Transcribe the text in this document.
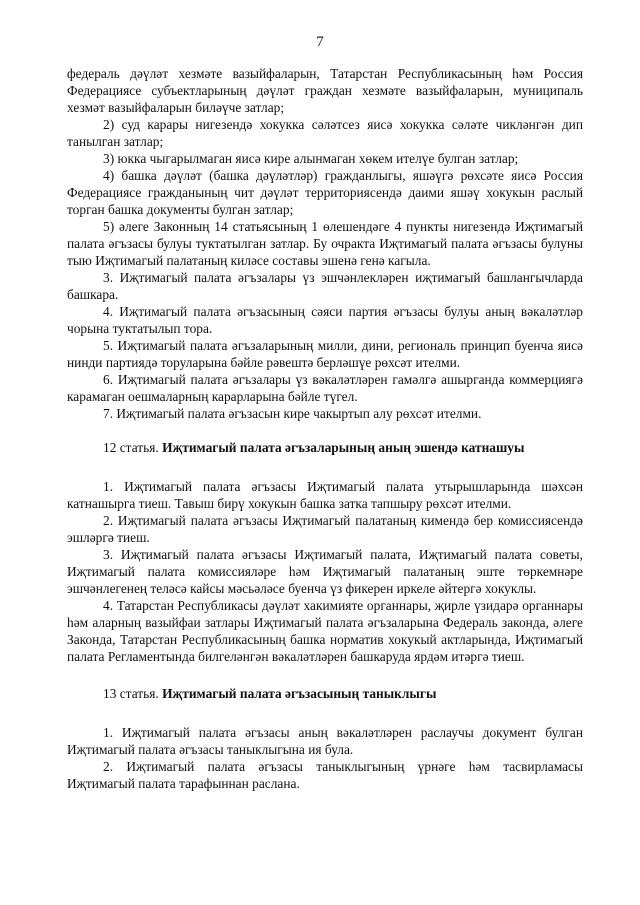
7

федераль дәүләт хезмәте вазыйфаларын, Татарстан Республикасының һәм Россия Федерациясе субъектларының дәүләт граждан хезмәте вазыйфаларын, муниципаль хезмәт вазыйфаларын биләүче затлар;

2) суд карары нигезендә хокукка сәләтсез яисә хокукка сәләте чикләнгән дип танылган затлар;

3) юкка чыгарылмаган яисә кире алынмаган хөкем ителүе булган затлар;

4) башка дәүләт (башка дәүләтләр) гражданлыгы, яшәүгә рөхсәте яисә Россия Федерациясе гражданының чит дәүләт территориясендә даими яшәү хокукын раслый торган башка документы булган затлар;

5) әлеге Законның 14 статьясының 1 өлешендәге 4 пункты нигезендә Иҗтимагый палата әгъзасы булуы туктатылган затлар. Бу очракта Иҗтимагый палата әгъзасы булуны тыю Иҗтимагый палатаның киләсе составы эшенә генә кагыла.

3. Иҗтимагый палата әгъзалары үз эшчәнлекләрен иҗтимагый башлангычларда башкара.

4. Иҗтимагый палата әгъзасының сәяси партия әгъзасы булуы аның вәкаләтләр чорына туктатылып тора.

5. Иҗтимагый палата әгъзаларының милли, дини, региональ принцип буенча яисә нинди партиядә торуларына бәйле рәвештә берләшүе рөхсәт ителми.

6. Иҗтимагый палата әгъзалары үз вәкаләтләрен гамәлгә ашырганда коммерциягә карамаган оешмаларның карарларына бәйле түгел.

7. Иҗтимагый палата әгъзасын кире чакыртып алу рөхсәт ителми.

12 статья. Иҗтимагый палата әгъзаларының аның эшендә катнашуы

1. Иҗтимагый палата әгъзасы Иҗтимагый палата утырышларында шәхсән катнашырга тиеш. Тавыш бирү хокукын башка затка тапшыру рөхсәт ителми.

2. Иҗтимагый палата әгъзасы Иҗтимагый палатаның кимендә бер комиссиясендә эшләргә тиеш.

3. Иҗтимагый палата әгъзасы Иҗтимагый палата, Иҗтимагый палата советы, Иҗтимагый палата комиссияләре һәм Иҗтимагый палатаның эште төркемнәре эшчәнлегенең теләсә кайсы мәсьәләсе буенча үз фикерен иркеле әйтергә хокуклы.

4. Татарстан Республикасы дәүләт хакимияте органнары, җирле үзидарә органнары һәм аларның вазыйфаи затлары Иҗтимагый палата әгъзаларына Федераль законда, әлеге Законда, Татарстан Республикасының башка норматив хокукый актларында, Иҗтимагый палата Регламентында билгеләнгән вәкаләтләрен башкаруда ярдәм итәргә тиеш.

13 статья. Иҗтимагый палата әгъзасының таныклыгы

1. Иҗтимагый палата әгъзасы аның вәкаләтләрен раслаучы документ булган Иҗтимагый палата әгъзасы таныклыгына ия була.

2. Иҗтимагый палата әгъзасы таныклыгының үрнәге һәм тасвирламасы Иҗтимагый палата тарафыннан раслана.
